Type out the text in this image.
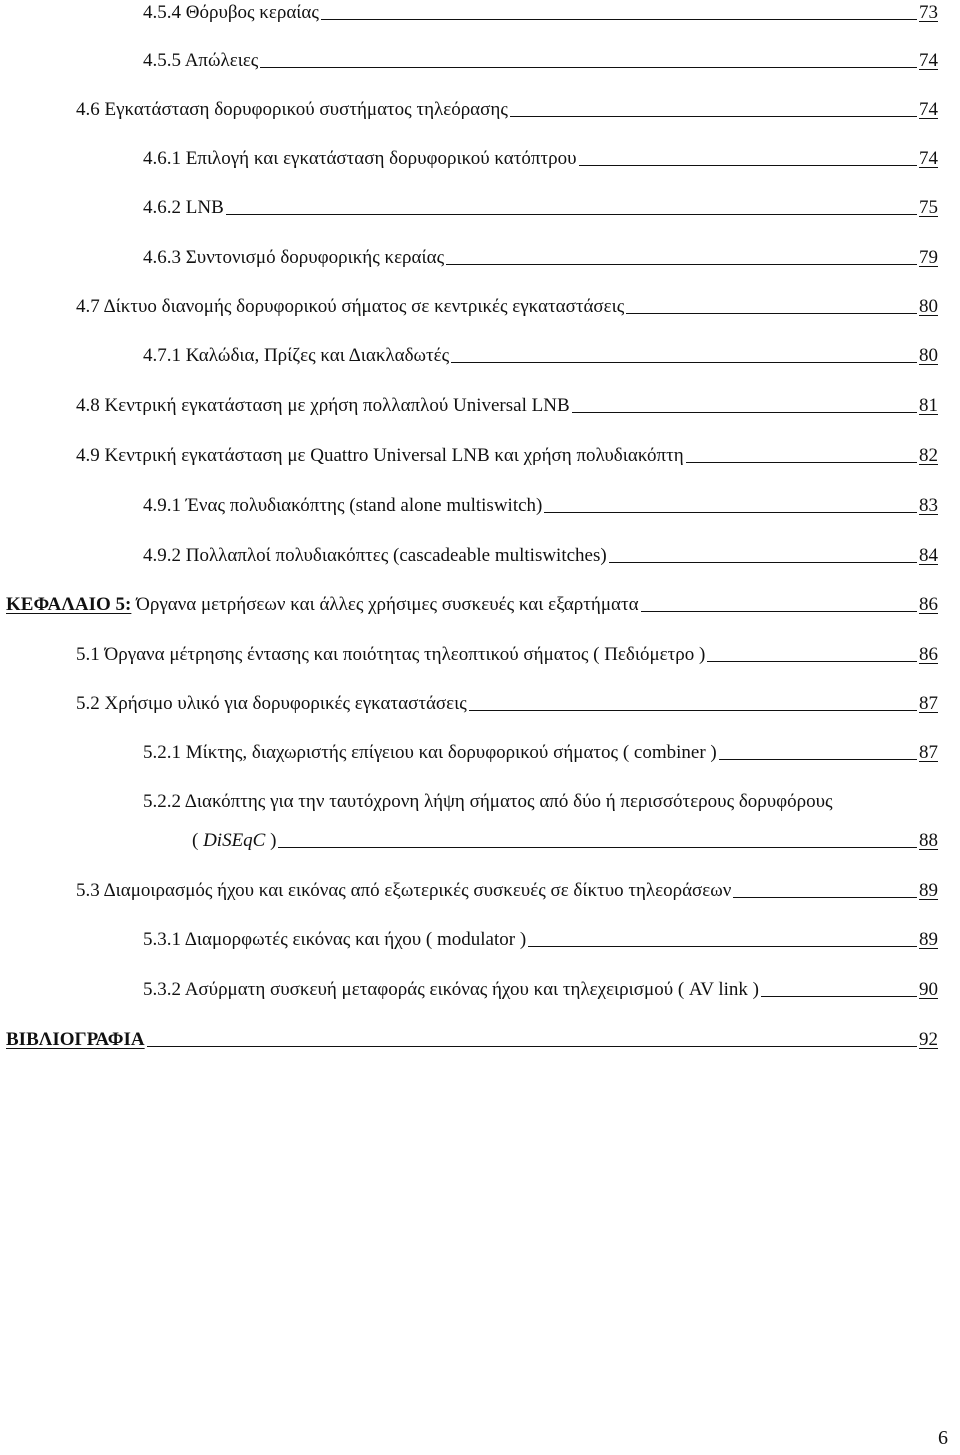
4.5.4 Θόρυβος κεραίας	73
4.5.5 Απώλειες	74
4.6 Εγκατάσταση δορυφορικού συστήματος τηλεόρασης	74
4.6.1 Επιλογή και εγκατάσταση δορυφορικού κατόπτρου	74
4.6.2 LNB	75
4.6.3 Συντονισμό δορυφορικής κεραίας	79
4.7 Δίκτυο διανομής δορυφορικού σήματος σε κεντρικές εγκαταστάσεις	80
4.7.1 Καλώδια, Πρίζες και Διακλαδωτές	80
4.8 Κεντρική εγκατάσταση με χρήση πολλαπλού Universal LNB	81
4.9 Κεντρική εγκατάσταση με Quattro Universal LNB και χρήση πολυδιακόπτη	82
4.9.1 Ένας πολυδιακόπτης (stand alone multiswitch)	83
4.9.2 Πολλαπλοί πολυδιακόπτες (cascadeable multiswitches)	84
ΚΕΦΑΛΑΙΟ 5: Όργανα μετρήσεων και άλλες χρήσιμες συσκευές και εξαρτήματα	86
5.1 Όργανα μέτρησης έντασης και ποιότητας τηλεοπτικού σήματος ( Πεδιόμετρο )	86
5.2 Χρήσιμο υλικό για δορυφορικές εγκαταστάσεις	87
5.2.1 Μίκτης, διαχωριστής επίγειου και δορυφορικού σήματος ( combiner )	87
5.2.2 Διακόπτης για την ταυτόχρονη λήψη σήματος από δύο ή περισσότερους δορυφόρους
( DiSEqC )	88
5.3 Διαμοιρασμός ήχου και εικόνας από εξωτερικές συσκευές σε δίκτυο τηλεοράσεων	89
5.3.1 Διαμορφωτές εικόνας και ήχου ( modulator )	89
5.3.2 Ασύρματη συσκευή μεταφοράς εικόνας ήχου και τηλεχειρισμού ( AV link )	90
ΒΙΒΛΙΟΓΡΑΦΙΑ	92
6
